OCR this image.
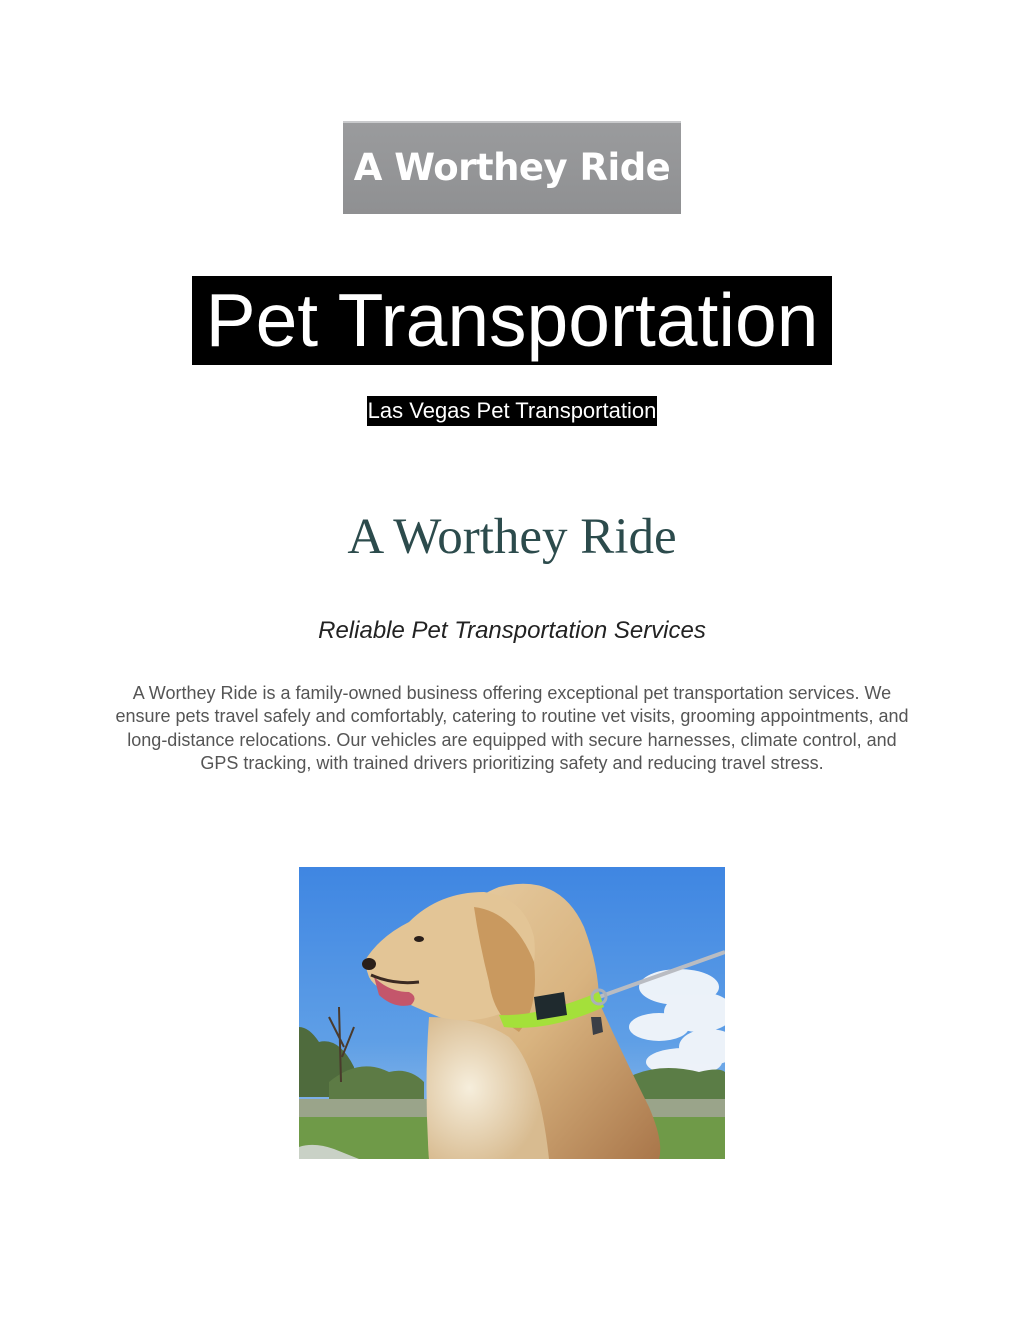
A Worthey Ride
Pet Transportation
Las Vegas Pet Transportation
A Worthey Ride
Reliable Pet Transportation Services
A Worthey Ride is a family-owned business offering exceptional pet transportation services. We ensure pets travel safely and comfortably, catering to routine vet visits, grooming appointments, and long-distance relocations. Our vehicles are equipped with secure harnesses, climate control, and GPS tracking, with trained drivers prioritizing safety and reducing travel stress.
